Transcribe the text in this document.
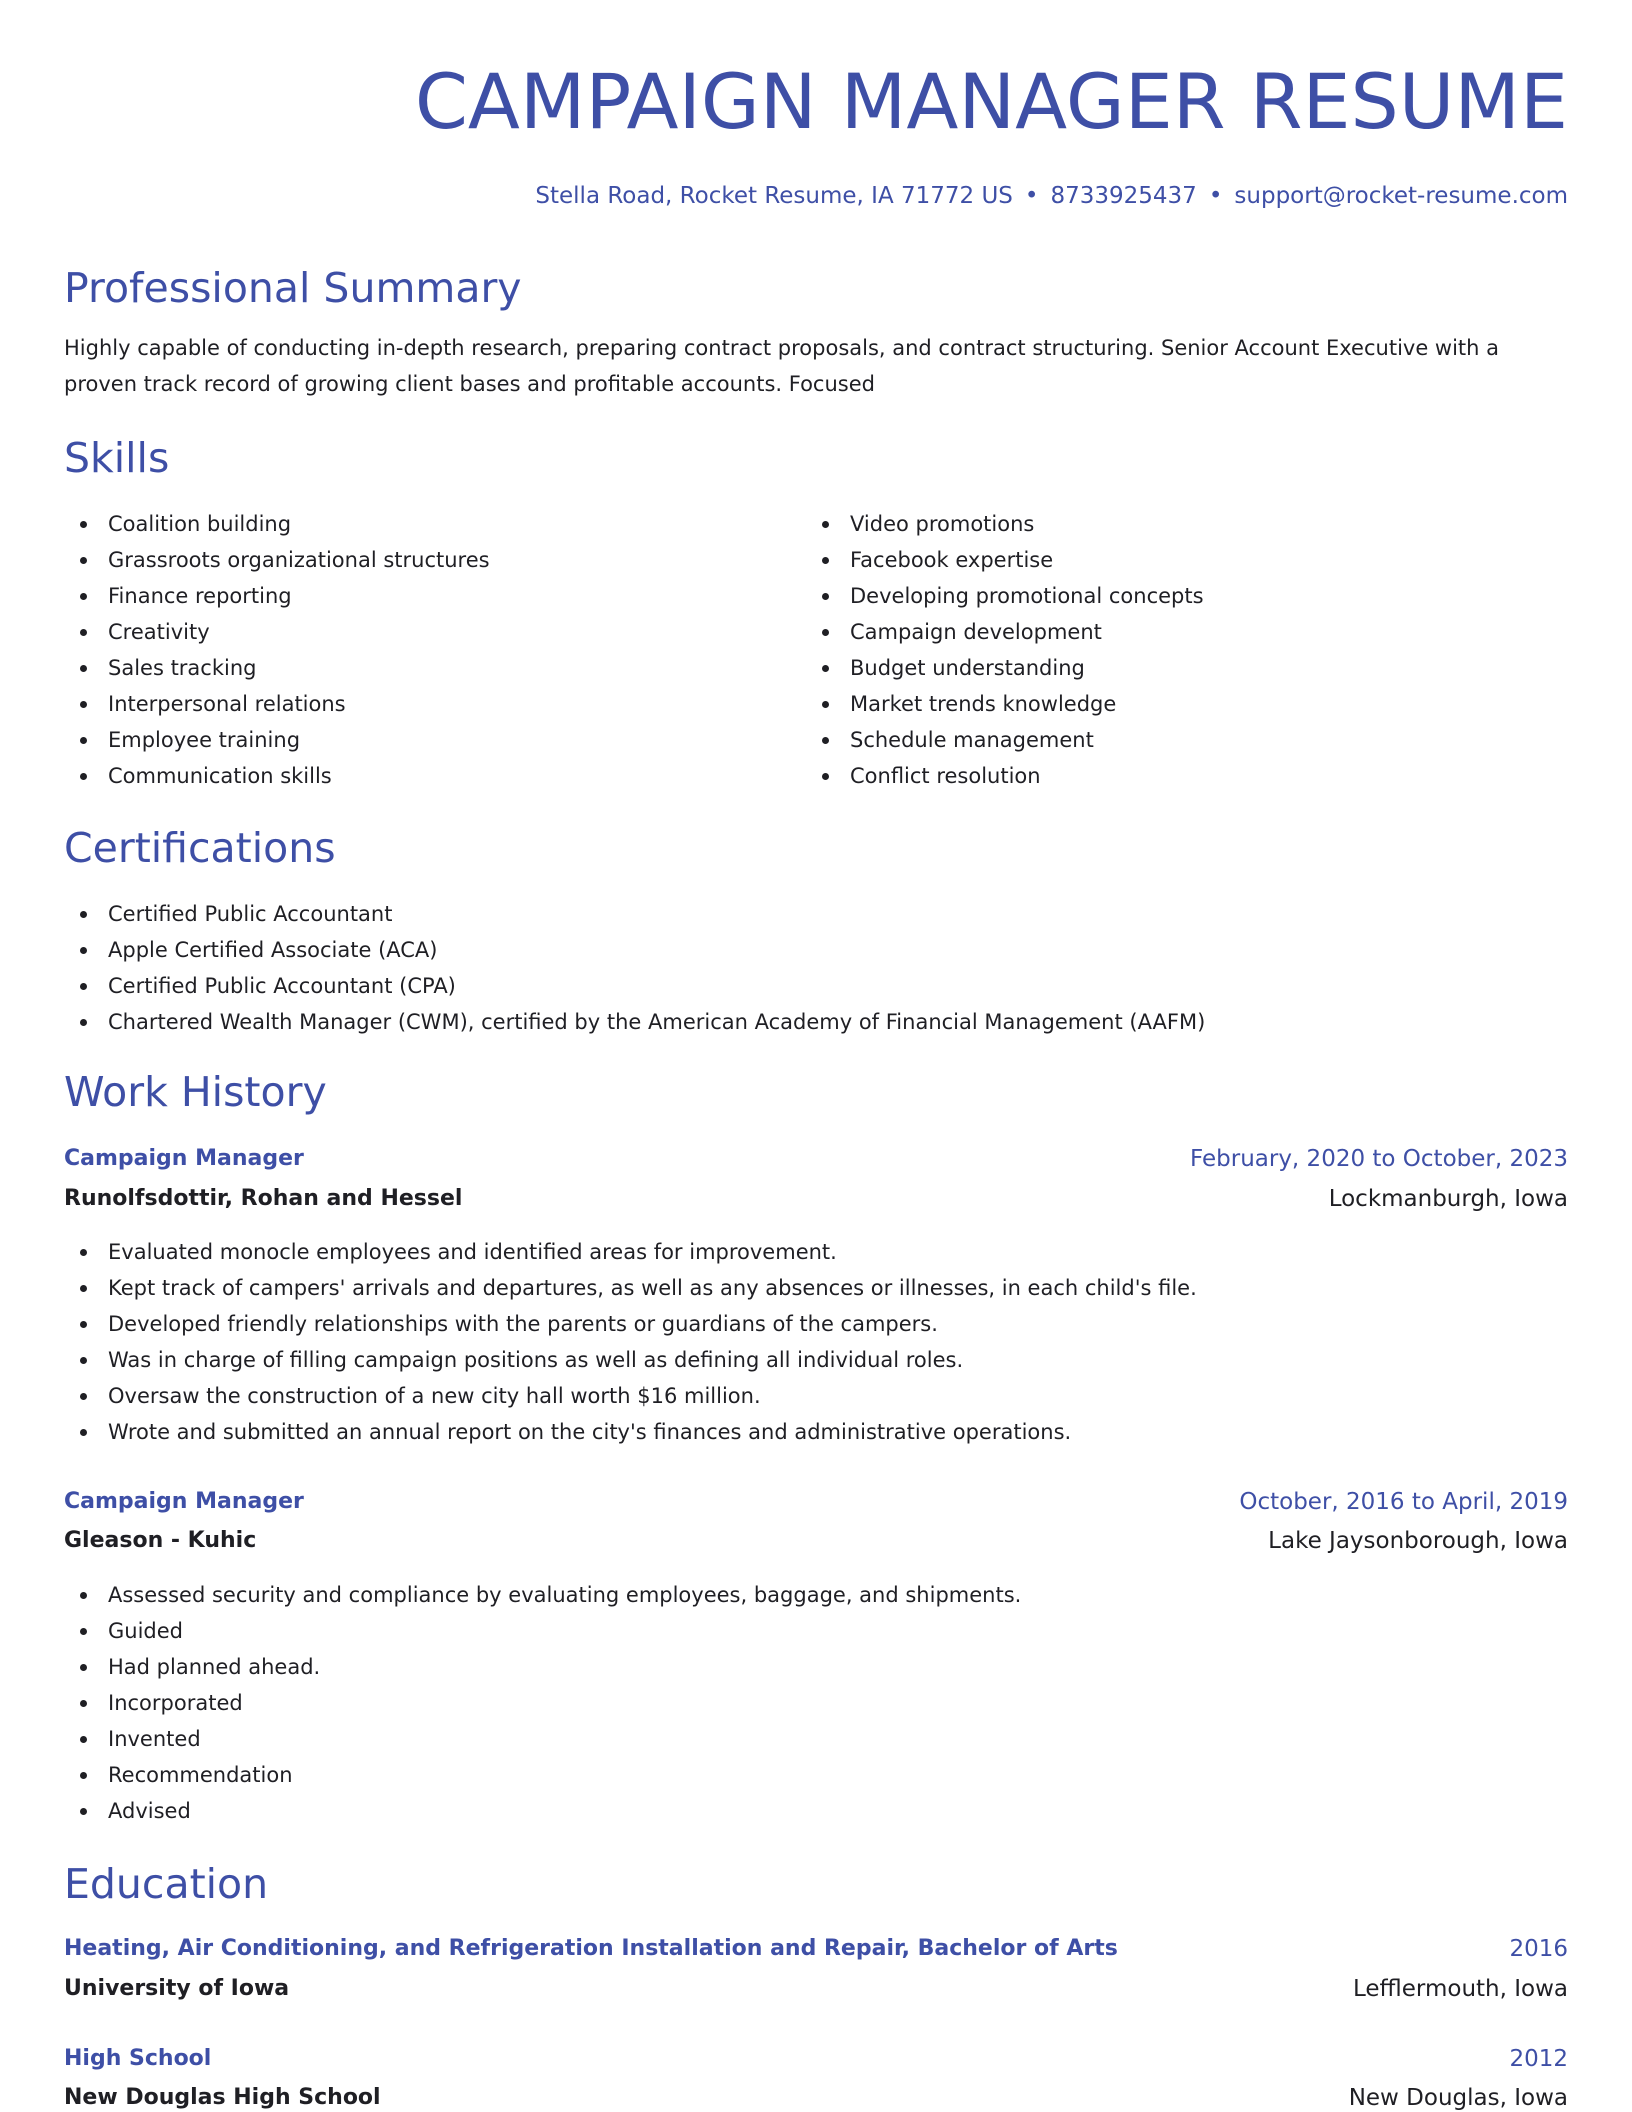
CAMPAIGN MANAGER RESUME
Stella Road, Rocket Resume, IA 71772 US • 8733925437 • support@rocket-resume.com
Professional Summary
Highly capable of conducting in-depth research, preparing contract proposals, and contract structuring. Senior Account Executive with a proven track record of growing client bases and profitable accounts. Focused
Skills
Coalition building
Grassroots organizational structures
Finance reporting
Creativity
Sales tracking
Interpersonal relations
Employee training
Communication skills
Video promotions
Facebook expertise
Developing promotional concepts
Campaign development
Budget understanding
Market trends knowledge
Schedule management
Conflict resolution
Certifications
Certified Public Accountant
Apple Certified Associate (ACA)
Certified Public Accountant (CPA)
Chartered Wealth Manager (CWM), certified by the American Academy of Financial Management (AAFM)
Work History
Campaign Manager	February, 2020 to October, 2023
Runolfsdottir, Rohan and Hessel	Lockmanburgh, Iowa
Evaluated monocle employees and identified areas for improvement.
Kept track of campers' arrivals and departures, as well as any absences or illnesses, in each child's file.
Developed friendly relationships with the parents or guardians of the campers.
Was in charge of filling campaign positions as well as defining all individual roles.
Oversaw the construction of a new city hall worth $16 million.
Wrote and submitted an annual report on the city's finances and administrative operations.
Campaign Manager	October, 2016 to April, 2019
Gleason - Kuhic	Lake Jaysonborough, Iowa
Assessed security and compliance by evaluating employees, baggage, and shipments.
Guided
Had planned ahead.
Incorporated
Invented
Recommendation
Advised
Education
Heating, Air Conditioning, and Refrigeration Installation and Repair, Bachelor of Arts	2016
University of Iowa	Lefflermouth, Iowa
High School	2012
New Douglas High School	New Douglas, Iowa
